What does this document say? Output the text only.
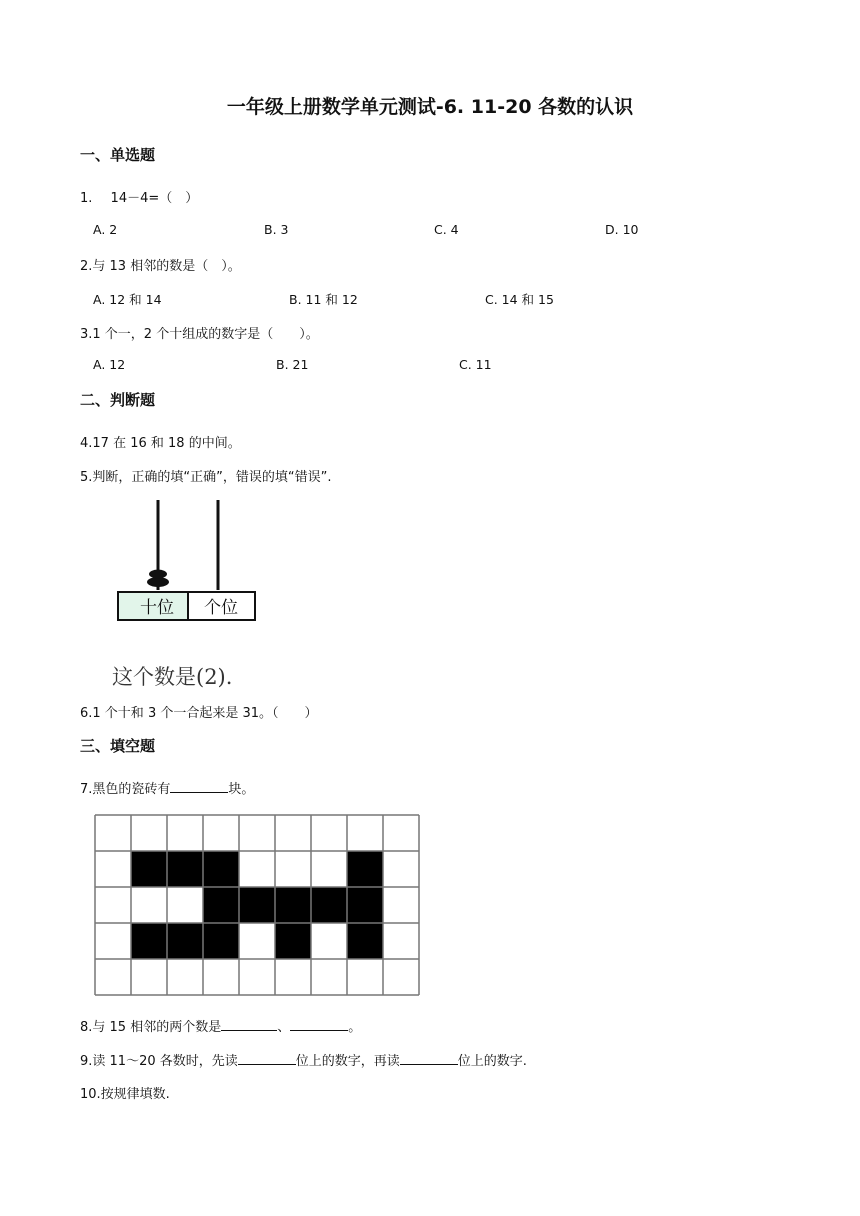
一年级上册数学单元测试-6. 11-20 各数的认识
一、单选题
1. 14－4=（　）
A. 2	B. 3	C. 4	D. 10
2.与 13 相邻的数是（　）。
A. 12 和 14	B. 11 和 12	C. 14 和 15
3.1 个一，2 个十组成的数字是（　　）。
A. 12	B. 21	C. 11
二、判断题
4.17 在 16 和 18 的中间。
5.判断，正确的填“正确”，错误的填“错误”.
十位 个位
这个数是(2).
6.1 个十和 3 个一合起来是 31。（　　）
三、填空题
7.黑色的瓷砖有	块。
8.与 15 相邻的两个数是	、	。
9.读 11～20 各数时，先读	位上的数字，再读	位上的数字.
10.按规律填数.
